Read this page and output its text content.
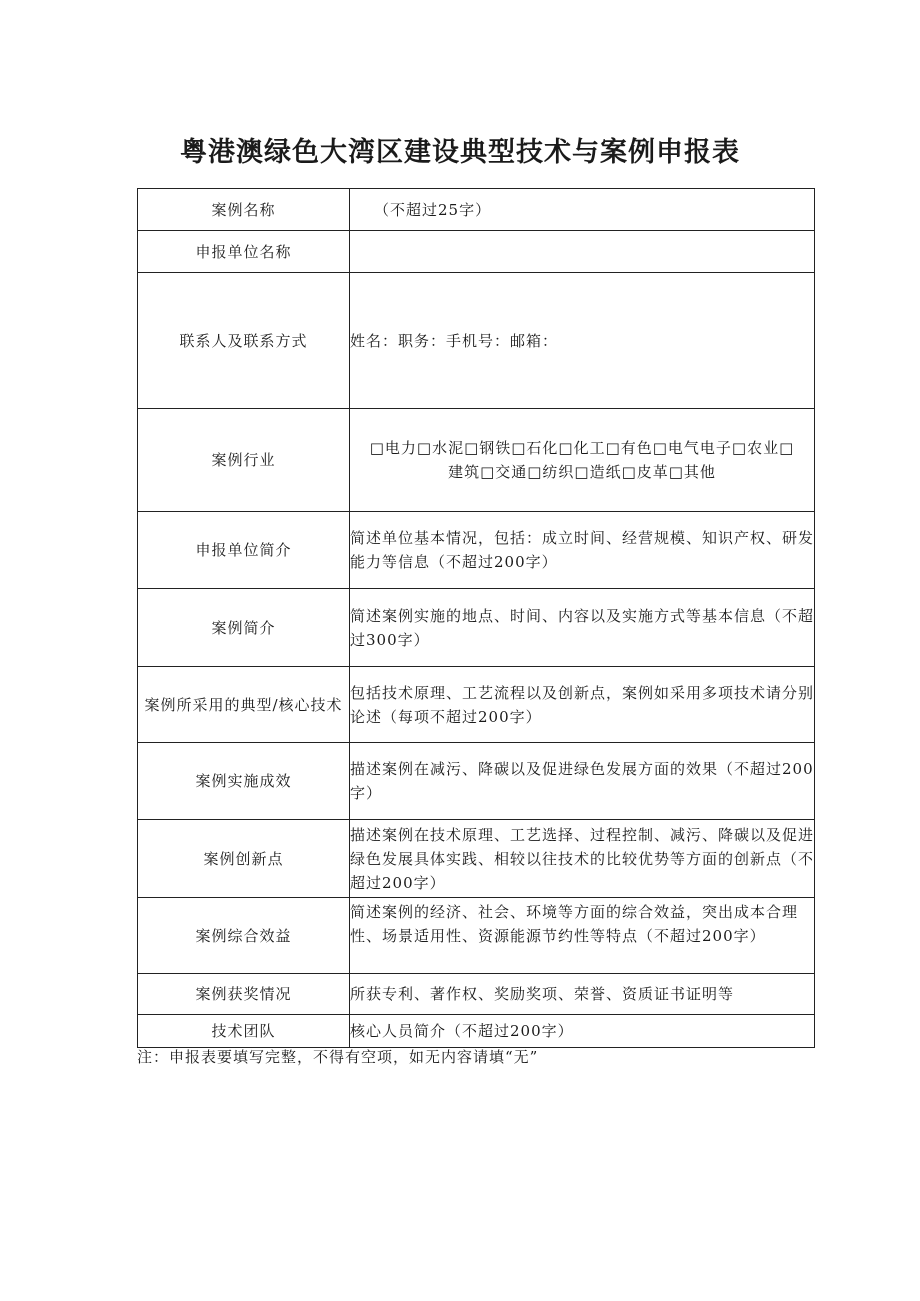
粤港澳绿色大湾区建设典型技术与案例申报表
案例名称	（不超过25字）
申报单位名称	
联系人及联系方式	姓名：职务：手机号：邮箱：
案例行业	□电力□水泥□钢铁□石化□化工□有色□电气电子□农业□
建筑□交通□纺织□造纸□皮革□其他

申报单位简介	简述单位基本情况，包括：成立时间、经营规模、知识产权、研发能力等信息（不超过200字）
案例简介	简述案例实施的地点、时间、内容以及实施方式等基本信息（不超过300字）
案例所采用的典型/核心技术	包括技术原理、工艺流程以及创新点，案例如采用多项技术请分别论述（每项不超过200字）
案例实施成效	描述案例在减污、降碳以及促进绿色发展方面的效果（不超过200字）
案例创新点	描述案例在技术原理、工艺选择、过程控制、减污、降碳以及促进绿色发展具体实践、相较以往技术的比较优势等方面的创新点（不超过200字）
案例综合效益	简述案例的经济、社会、环境等方面的综合效益，突出成本合理性、场景适用性、资源能源节约性等特点（不超过200字）
案例获奖情况	所获专利、著作权、奖励奖项、荣誉、资质证书证明等
技术团队	核心人员简介（不超过200字）
注：申报表要填写完整，不得有空项，如无内容请填“无”
